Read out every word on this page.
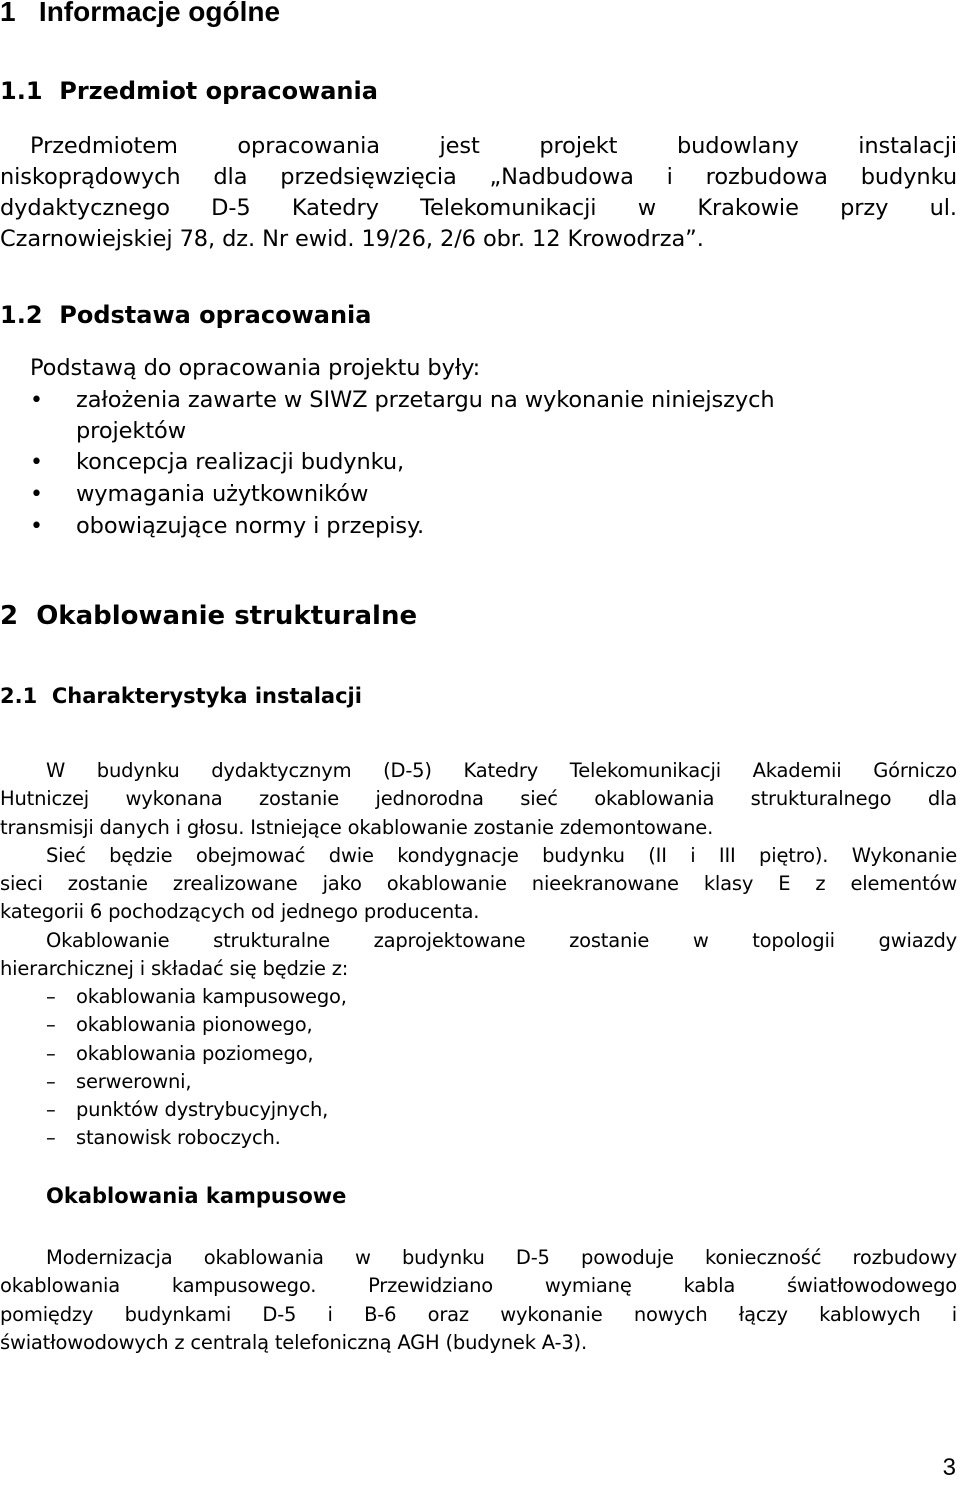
1 Informacje ogólne
1.1 Przedmiot opracowania
Przedmiotem opracowania jest projekt budowlany instalacji
niskoprądowych dla przedsięwzięcia „Nadbudowa i rozbudowa budynku
dydaktycznego D-5 Katedry Telekomunikacji w Krakowie przy ul.
Czarnowiejskiej 78, dz. Nr ewid. 19/26, 2/6 obr. 12 Krowodrza”.
1.2 Podstawa opracowania
Podstawą do opracowania projektu były:
•	założenia zawarte w SIWZ przetargu na wykonanie niniejszych
projektów
•	koncepcja realizacji budynku,
•	wymagania użytkowników
•	obowiązujące normy i przepisy.
2 Okablowanie strukturalne
2.1 Charakterystyka instalacji
W budynku dydaktycznym (D-5) Katedry Telekomunikacji Akademii Górniczo
Hutniczej wykonana zostanie jednorodna sieć okablowania strukturalnego dla
transmisji danych i głosu. Istniejące okablowanie zostanie zdemontowane.
Sieć będzie obejmować dwie kondygnacje budynku (II i III piętro). Wykonanie
sieci zostanie zrealizowane jako okablowanie nieekranowane klasy E z elementów
kategorii 6 pochodzących od jednego producenta.
Okablowanie strukturalne zaprojektowane zostanie w topologii gwiazdy
hierarchicznej i składać się będzie z:
–	okablowania kampusowego,
–	okablowania pionowego,
–	okablowania poziomego,
–	serwerowni,
–	punktów dystrybucyjnych,
–	stanowisk roboczych.
Okablowania kampusowe
Modernizacja okablowania w budynku D-5 powoduje konieczność rozbudowy
okablowania kampusowego. Przewidziano wymianę kabla światłowodowego
pomiędzy budynkami D-5 i B-6 oraz wykonanie nowych łączy kablowych i
światłowodowych z centralą telefoniczną AGH (budynek A-3).
3
